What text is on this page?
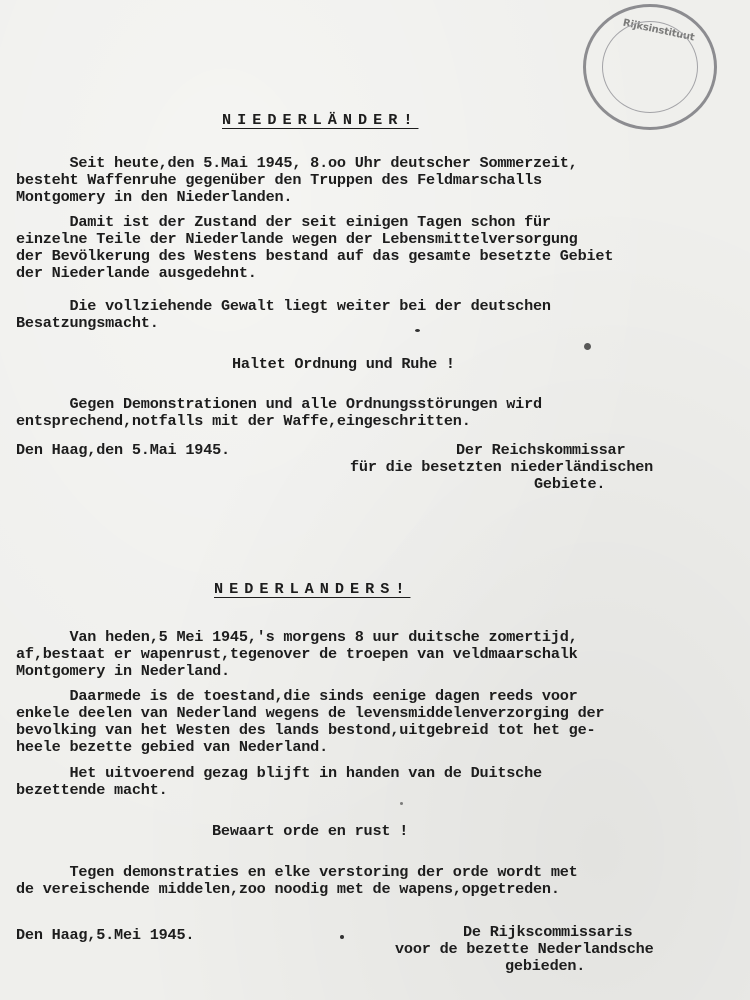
Rijksinstituut
NIEDERLÄNDER!
Seit heute,den 5.Mai 1945, 8.oo Uhr deutscher Sommerzeit,
besteht Waffenruhe gegenüber den Truppen des Feldmarschalls
Montgomery in den Niederlanden.
Damit ist der Zustand der seit einigen Tagen schon für
einzelne Teile der Niederlande wegen der Lebensmittelversorgung
der Bevölkerung des Westens bestand auf das gesamte besetzte Gebiet
der Niederlande ausgedehnt.
Die vollziehende Gewalt liegt weiter bei der deutschen
Besatzungsmacht.
Haltet Ordnung und Ruhe !
Gegen Demonstrationen und alle Ordnungsstörungen wird
entsprechend,notfalls mit der Waffe,eingeschritten.
Den Haag,den 5.Mai 1945.	Der Reichskommissar
für die besetzten niederländischen
Gebiete.
NEDERLANDERS!
Van heden,5 Mei 1945,'s morgens 8 uur duitsche zomertijd,
af,bestaat er wapenrust,tegenover de troepen van veldmaarschalk
Montgomery in Nederland.
Daarmede is de toestand,die sinds eenige dagen reeds voor
enkele deelen van Nederland wegens de levensmiddelenverzorging der
bevolking van het Westen des lands bestond,uitgebreid tot het ge-
heele bezette gebied van Nederland.
Het uitvoerend gezag blijft in handen van de Duitsche
bezettende macht.
Bewaart orde en rust !
Tegen demonstraties en elke verstoring der orde wordt met
de vereischende middelen,zoo noodig met de wapens,opgetreden.
Den Haag,5.Mei 1945.	De Rijkscommissaris
voor de bezette Nederlandsche
gebieden.
